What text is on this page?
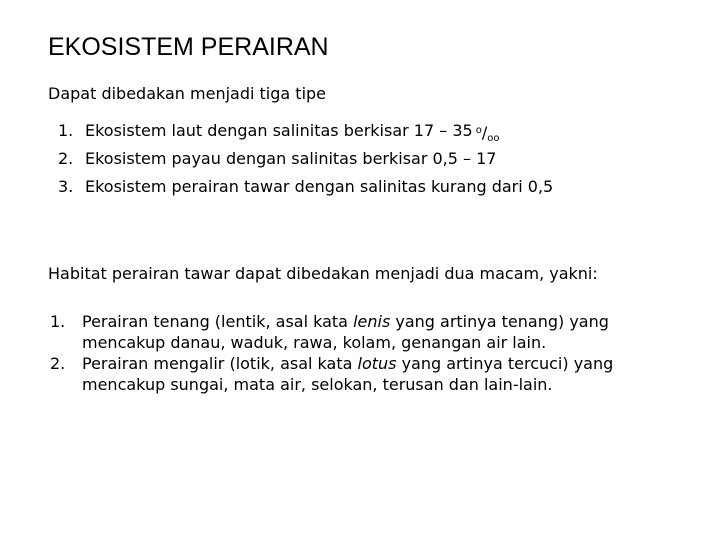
EKOSISTEM PERAIRAN
Dapat dibedakan menjadi tiga tipe
1. Ekosistem laut dengan salinitas berkisar 17 – 35 $^o/_{oo}$
2. Ekosistem payau dengan salinitas berkisar 0,5 – 17
3. Ekosistem perairan tawar dengan salinitas kurang dari 0,5
Habitat perairan tawar dapat dibedakan menjadi dua macam, yakni:
1.	Perairan tenang (lentik, asal kata lenis yang artinya tenang) yang
mencakup danau, waduk, rawa, kolam, genangan air lain.
2.	Perairan mengalir (lotik, asal kata lotus yang artinya tercuci) yang
mencakup sungai, mata air, selokan, terusan dan lain-lain.
